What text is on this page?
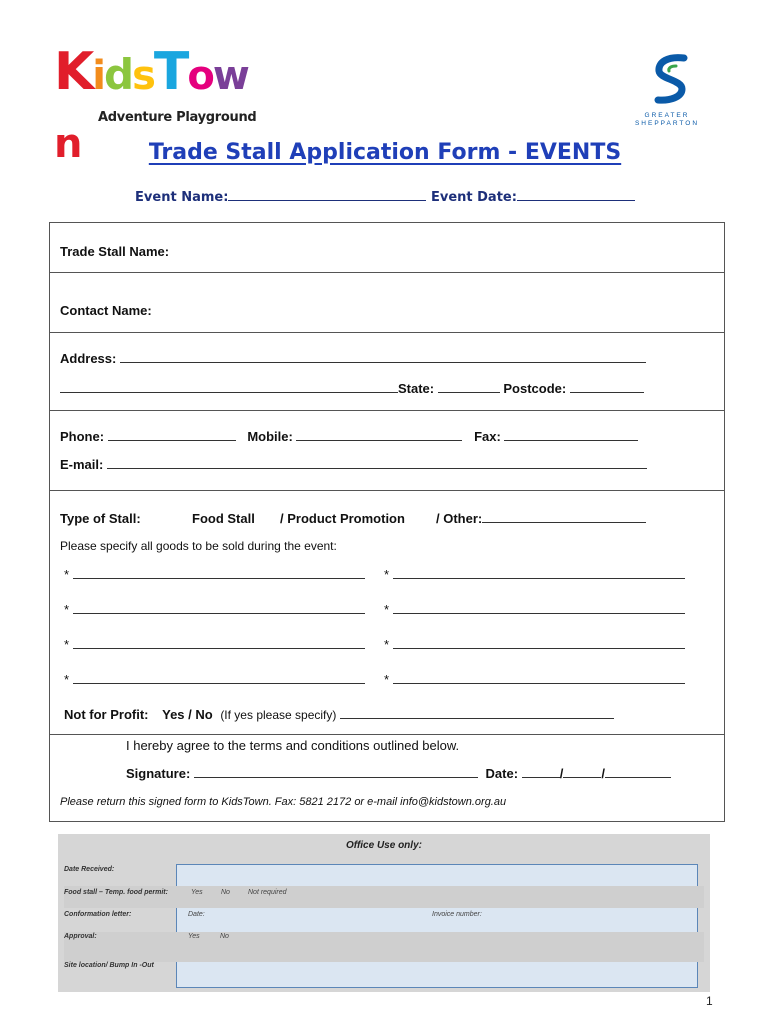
KidsTown
Adventure Playground	GREATER
SHEPPARTON
Trade Stall Application Form - EVENTS
Event Name:	Event Date:
Trade Stall Name:
Contact Name:
Address:
State:	Postcode:
Phone:	Mobile:	Fax:
E-mail:
Type of Stall:	Food Stall / Product Promotion / Other:
Please specify all goods to be sold during the event:
*	*
*	*
*	*
*	*
Not for Profit: Yes / No (If yes please specify)
I hereby agree to the terms and conditions outlined below.
Signature:	Date:	/	/
Please return this signed form to KidsTown. Fax: 5821 2172 or e-mail info@kidstown.org.au
Office Use only:
Date Received:
Food stall – Temp. food permit:	Yes	No	Not required
Conformation letter:	Date:	Invoice number:
Approval:	Yes	No
Site location/ Bump In -Out
1
